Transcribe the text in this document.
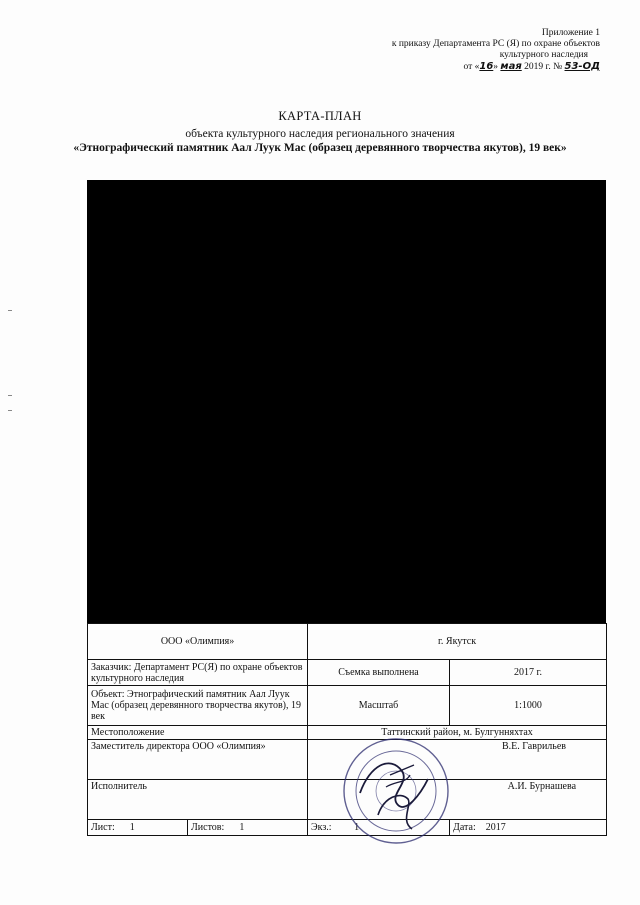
Приложение 1
к приказу Департамента РС (Я) по охране объектов
культурного наследия
от «16» мая 2019 г. № 53-ОД
КАРТА-ПЛАН
объекта культурного наследия регионального значения
«Этнографический памятник Аал Луук Мас (образец деревянного творчества якутов), 19 век»
ООО «Олимпия»		г. Якутск	
Заказчик: Департамент РС(Я) по охране объектов культурного наследия		Съемка выполнена	2017 г.
Объект: Этнографический памятник Аал Луук Мас (образец деревянного творчества якутов), 19 век		Масштаб	1:1000
Местоположение		Таттинский район, м. Булгунняхтах	
Заместитель директора ООО «Олимпия»		В.Е. Гаврильев	
Исполнитель		А.И. Бурнашева	
Лист: 1	Листов: 1	Экз.: 1	Дата: 2017
